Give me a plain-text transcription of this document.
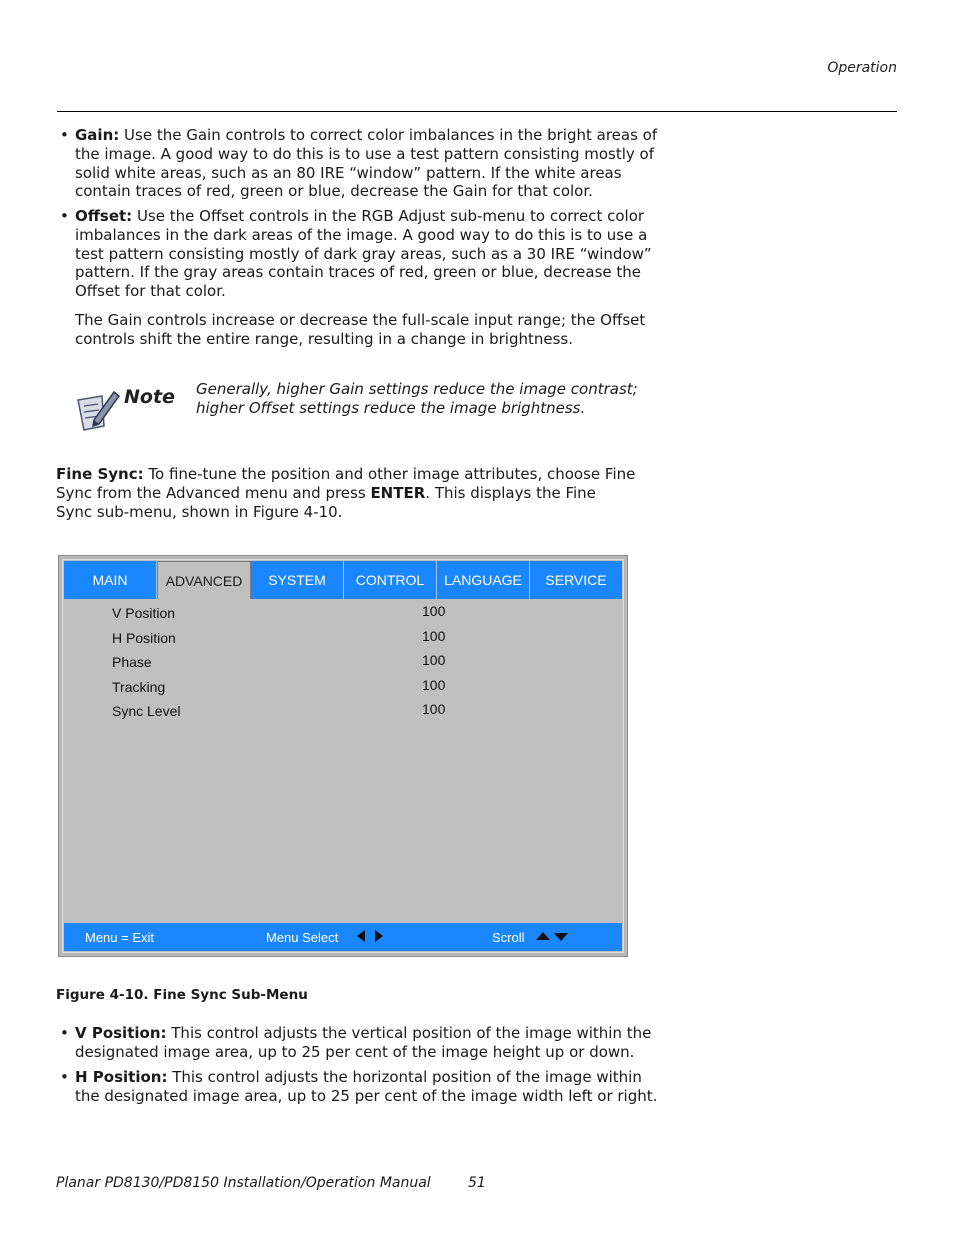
Operation
• Gain: Use the Gain controls to correct color imbalances in the bright areas of the image. A good way to do this is to use a test pattern consisting mostly of solid white areas, such as an 80 IRE “window” pattern. If the white areas contain traces of red, green or blue, decrease the Gain for that color.
• Offset: Use the Offset controls in the RGB Adjust sub-menu to correct color imbalances in the dark areas of the image. A good way to do this is to use a test pattern consisting mostly of dark gray areas, such as a 30 IRE “window” pattern. If the gray areas contain traces of red, green or blue, decrease the Offset for that color.
The Gain controls increase or decrease the full-scale input range; the Offset controls shift the entire range, resulting in a change in brightness.
Note Generally, higher Gain settings reduce the image contrast; higher Offset settings reduce the image brightness.
Fine Sync: To fine-tune the position and other image attributes, choose Fine Sync from the Advanced menu and press ENTER. This displays the Fine Sync sub-menu, shown in Figure 4-10.
MAIN	ADVANCED	SYSTEM	CONTROL	LANGUAGE	SERVICE
V Position	100
H Position	100
Phase	100
Tracking	100
Sync Level	100
Menu = Exit	Menu Select	Scroll
Figure 4-10. Fine Sync Sub-Menu
• V Position: This control adjusts the vertical position of the image within the designated image area, up to 25 per cent of the image height up or down.
• H Position: This control adjusts the horizontal position of the image within the designated image area, up to 25 per cent of the image width left or right.
Planar PD8130/PD8150 Installation/Operation Manual	51
